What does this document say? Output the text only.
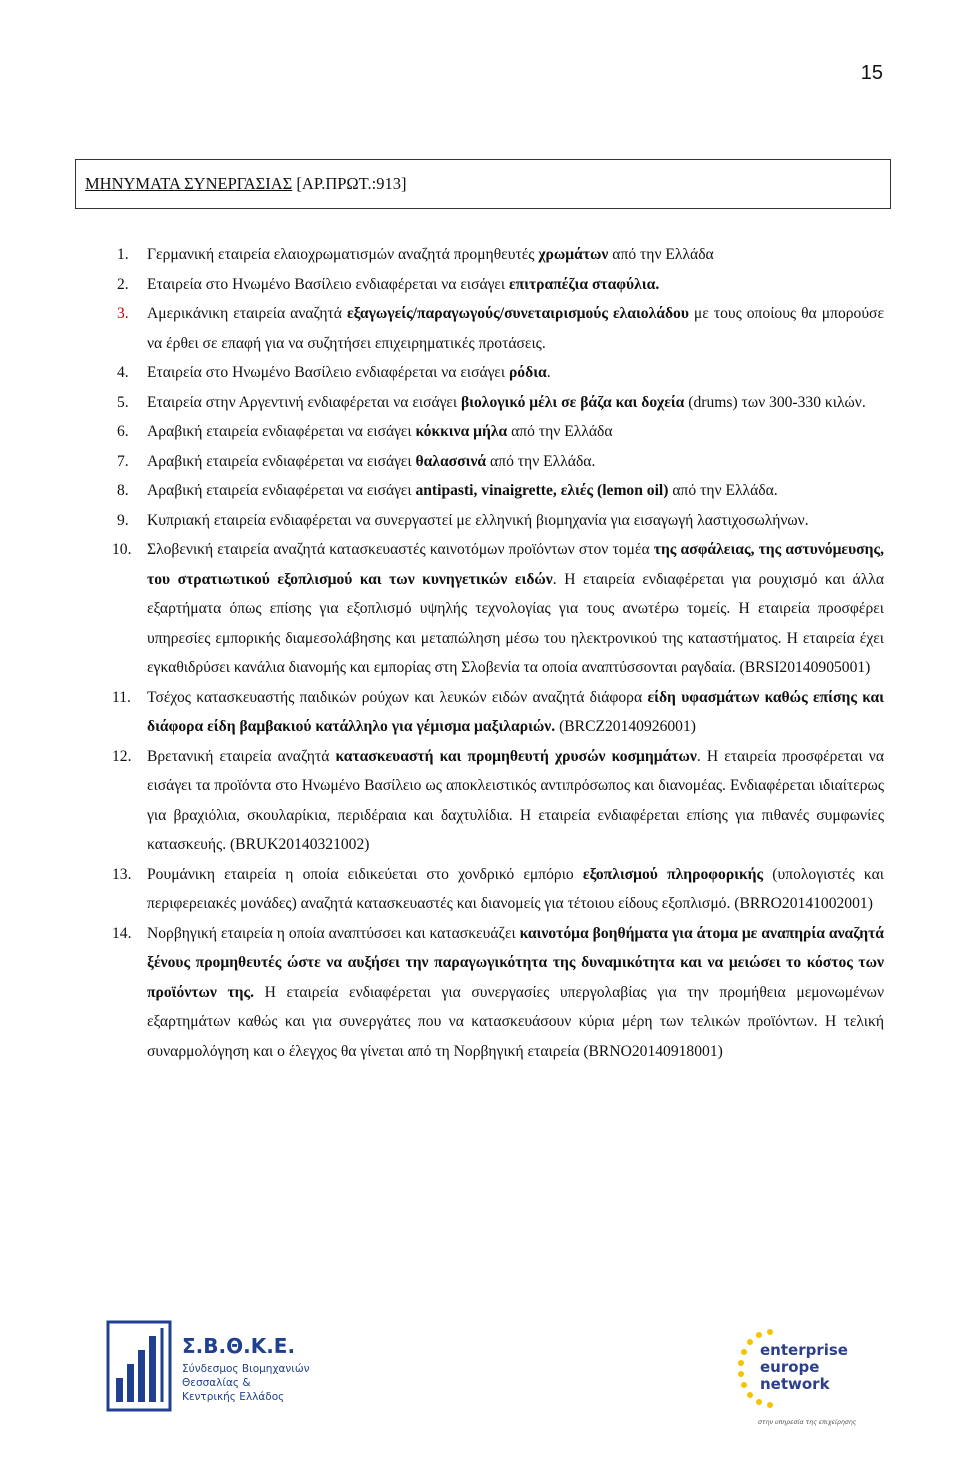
15
ΜΗΝΥΜΑΤΑ ΣΥΝΕΡΓΑΣΙΑΣ [ΑΡ.ΠΡΩΤ.:913]
1. Γερμανική εταιρεία ελαιοχρωματισμών αναζητά προμηθευτές χρωμάτων από την Ελλάδα
2. Εταιρεία στο Ηνωμένο Βασίλειο ενδιαφέρεται να εισάγει επιτραπέζια σταφύλια.
3. Αμερικάνικη εταιρεία αναζητά εξαγωγείς/παραγωγούς/συνεταιρισμούς ελαιολάδου με τους οποίους θα μπορούσε να έρθει σε επαφή για να συζητήσει επιχειρηματικές προτάσεις.
4. Εταιρεία στο Ηνωμένο Βασίλειο ενδιαφέρεται να εισάγει ρόδια.
5. Εταιρεία στην Αργεντινή ενδιαφέρεται να εισάγει βιολογικό μέλι σε βάζα και δοχεία (drums) των 300-330 κιλών.
6. Αραβική εταιρεία ενδιαφέρεται να εισάγει κόκκινα μήλα από την Ελλάδα
7. Αραβική εταιρεία ενδιαφέρεται να εισάγει θαλασσινά από την Ελλάδα.
8. Αραβική εταιρεία ενδιαφέρεται να εισάγει antipasti, vinaigrette, ελιές (lemon oil) από την Ελλάδα.
9. Κυπριακή εταιρεία ενδιαφέρεται να συνεργαστεί με ελληνική βιομηχανία για εισαγωγή λαστιχοσωλήνων.
10. Σλοβενική εταιρεία αναζητά κατασκευαστές καινοτόμων προϊόντων στον τομέα της ασφάλειας, της αστυνόμευσης, του στρατιωτικού εξοπλισμού και των κυνηγετικών ειδών. Η εταιρεία ενδιαφέρεται για ρουχισμό και άλλα εξαρτήματα όπως επίσης για εξοπλισμό υψηλής τεχνολογίας για τους ανωτέρω τομείς. Η εταιρεία προσφέρει υπηρεσίες εμπορικής διαμεσολάβησης και μεταπώληση μέσω του ηλεκτρονικού της καταστήματος. Η εταιρεία έχει εγκαθιδρύσει κανάλια διανομής και εμπορίας στη Σλοβενία τα οποία αναπτύσσονται ραγδαία. (BRSI20140905001)
11. Τσέχος κατασκευαστής παιδικών ρούχων και λευκών ειδών αναζητά διάφορα είδη υφασμάτων καθώς επίσης και διάφορα είδη βαμβακιού κατάλληλο για γέμισμα μαξιλαριών. (BRCZ20140926001)
12. Βρετανική εταιρεία αναζητά κατασκευαστή και προμηθευτή χρυσών κοσμημάτων. Η εταιρεία προσφέρεται να εισάγει τα προϊόντα στο Ηνωμένο Βασίλειο ως αποκλειστικός αντιπρόσωπος και διανομέας. Ενδιαφέρεται ιδιαίτερως για βραχιόλια, σκουλαρίκια, περιδέραια και δαχτυλίδια. Η εταιρεία ενδιαφέρεται επίσης για πιθανές συμφωνίες κατασκευής. (BRUK20140321002)
13. Ρουμάνικη εταιρεία η οποία ειδικεύεται στο χονδρικό εμπόριο εξοπλισμού πληροφορικής (υπολογιστές και περιφερειακές μονάδες) αναζητά κατασκευαστές και διανομείς για τέτοιου είδους εξοπλισμό. (BRRO20141002001)
14. Νορβηγική εταιρεία η οποία αναπτύσσει και κατασκευάζει καινοτόμα βοηθήματα για άτομα με αναπηρία αναζητά ξένους προμηθευτές ώστε να αυξήσει την παραγωγικότητα της δυναμικότητα και να μειώσει το κόστος των προϊόντων της. Η εταιρεία ενδιαφέρεται για συνεργασίες υπεργολαβίας για την προμήθεια μεμονωμένων εξαρτημάτων καθώς και για συνεργάτες που να κατασκευάσουν κύρια μέρη των τελικών προϊόντων. Η τελική συναρμολόγηση και ο έλεγχος θα γίνεται από τη Νορβηγική εταιρεία (BRNO20140918001)
Σ.Β.Θ.Κ.Ε.
Σύνδεσμος Βιομηχανιών
Θεσσαλίας &
Κεντρικής Ελλάδος
enterprise
europe
network
στην υπηρεσία της επιχείρησης
